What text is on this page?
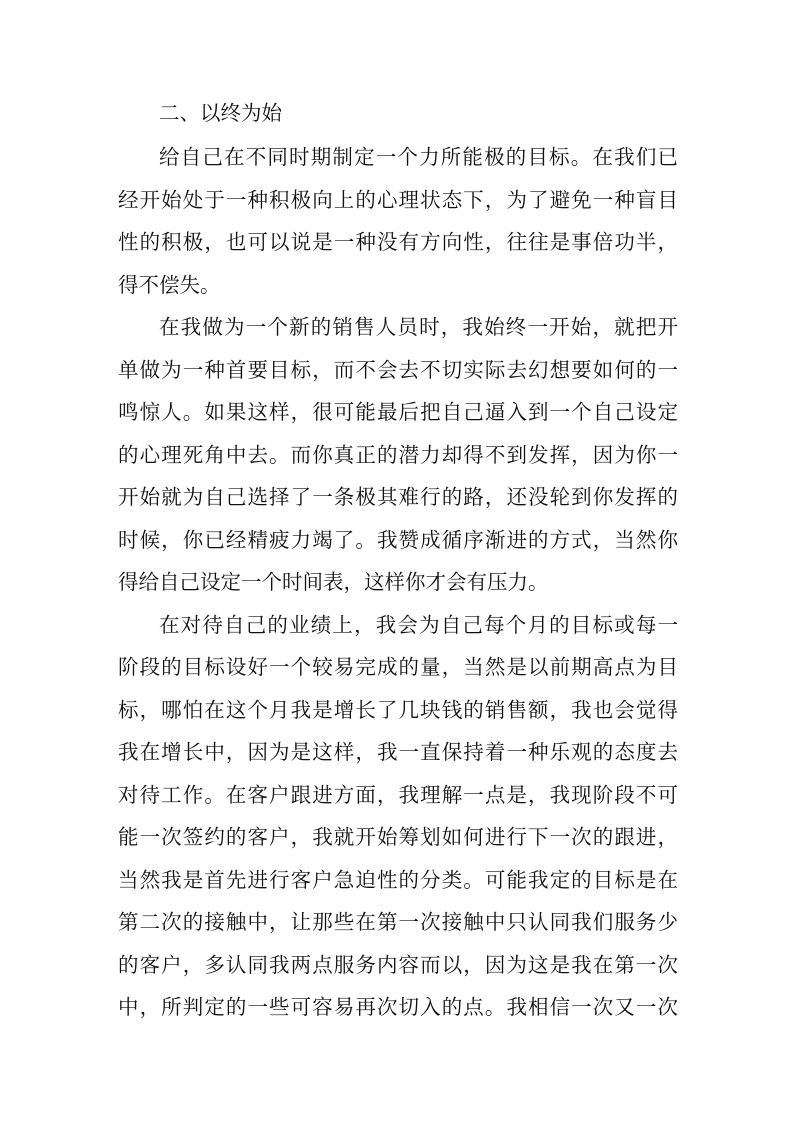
二、以终为始
给自己在不同时期制定一个力所能极的目标。在我们已
经开始处于一种积极向上的心理状态下，为了避免一种盲目
性的积极，也可以说是一种没有方向性，往往是事倍功半，
得不偿失。
在我做为一个新的销售人员时，我始终一开始，就把开
单做为一种首要目标，而不会去不切实际去幻想要如何的一
鸣惊人。如果这样，很可能最后把自己逼入到一个自己设定
的心理死角中去。而你真正的潜力却得不到发挥，因为你一
开始就为自己选择了一条极其难行的路，还没轮到你发挥的
时候，你已经精疲力竭了。我赞成循序渐进的方式，当然你
得给自己设定一个时间表，这样你才会有压力。
在对待自己的业绩上，我会为自己每个月的目标或每一
阶段的目标设好一个较易完成的量，当然是以前期高点为目
标，哪怕在这个月我是增长了几块钱的销售额，我也会觉得
我在增长中，因为是这样，我一直保持着一种乐观的态度去
对待工作。在客户跟进方面，我理解一点是，我现阶段不可
能一次签约的客户，我就开始筹划如何进行下一次的跟进，
当然我是首先进行客户急迫性的分类。可能我定的目标是在
第二次的接触中，让那些在第一次接触中只认同我们服务少
的客户，多认同我两点服务内容而以，因为这是我在第一次
中，所判定的一些可容易再次切入的点。我相信一次又一次
